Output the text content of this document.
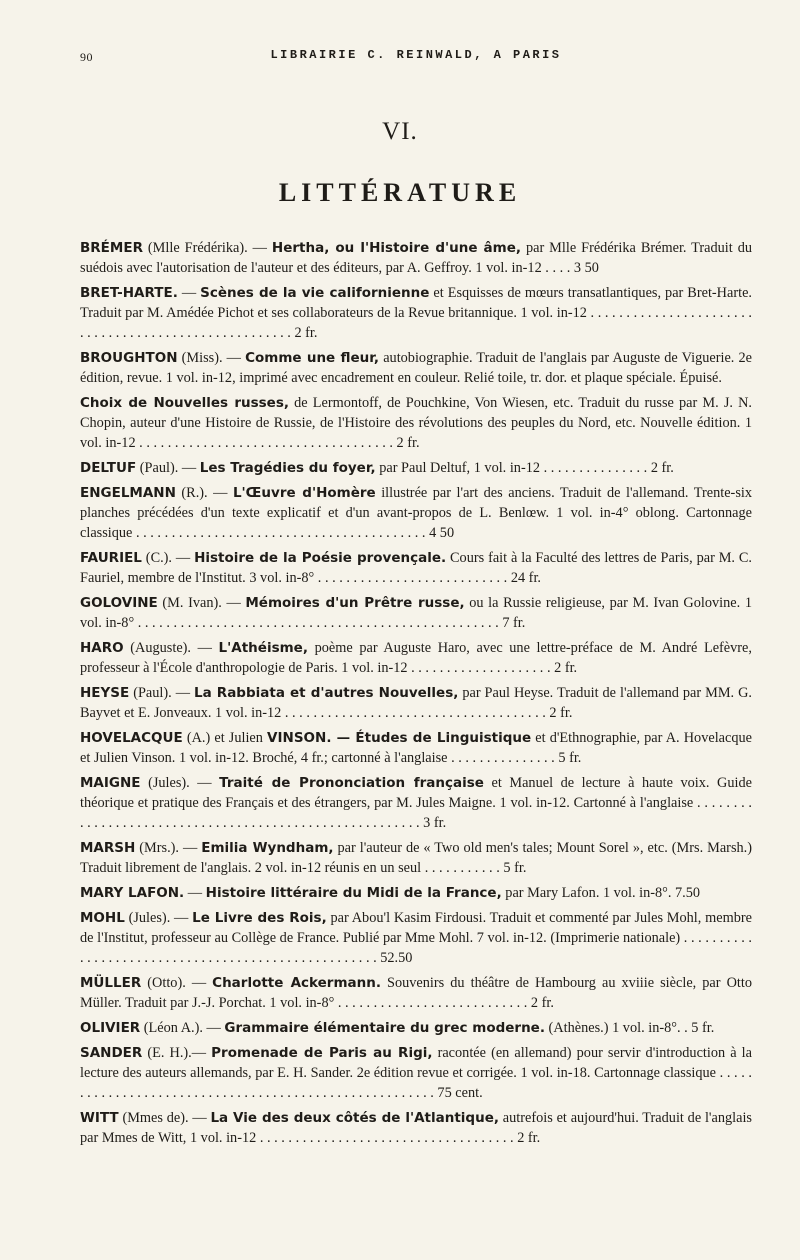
90	LIBRAIRIE C. REINWALD, A PARIS
VI.
LITTÉRATURE

BRÉMER (Mlle Frédérika). — Hertha, ou l'Histoire d'une âme, par Mlle Frédérika Brémer. Traduit du suédois avec l'autorisation de l'auteur et des éditeurs, par A. Geffroy. 1 vol. in-12 . . . . 3 50

BRET-HARTE. — Scènes de la vie californienne et Esquisses de mœurs transatlantiques, par Bret-Harte. Traduit par M. Amédée Pichot et ses collaborateurs de la Revue britannique. 1 vol. in-12 . . . . . . . . . . . . . . . . . . . . . . . . . . . . . . . . . . . . . . . . . . . . . . . . . . . . . 2 fr.

BROUGHTON (Miss). — Comme une fleur, autobiographie. Traduit de l'anglais par Auguste de Viguerie. 2e édition, revue. 1 vol. in-12, imprimé avec encadrement en couleur. Relié toile, tr. dor. et plaque spéciale. Épuisé.

Choix de Nouvelles russes, de Lermontoff, de Pouchkine, Von Wiesen, etc. Traduit du russe par M. J. N. Chopin, auteur d'une Histoire de Russie, de l'Histoire des révolutions des peuples du Nord, etc. Nouvelle édition. 1 vol. in-12 . . . . . . . . . . . . . . . . . . . . . . . . . . . . . . . . . . . . 2 fr.

DELTUF (Paul). — Les Tragédies du foyer, par Paul Deltuf, 1 vol. in-12 . . . . . . . . . . . . . . . 2 fr.

ENGELMANN (R.). — L'Œuvre d'Homère illustrée par l'art des anciens. Traduit de l'allemand. Trente-six planches précédées d'un texte explicatif et d'un avant-propos de L. Benlœw. 1 vol. in-4° oblong. Cartonnage classique . . . . . . . . . . . . . . . . . . . . . . . . . . . . . . . . . . . . . . . . . 4 50

FAURIEL (C.). — Histoire de la Poésie provençale. Cours fait à la Faculté des lettres de Paris, par M. C. Fauriel, membre de l'Institut. 3 vol. in-8° . . . . . . . . . . . . . . . . . . . . . . . . . . . 24 fr.

GOLOVINE (M. Ivan). — Mémoires d'un Prêtre russe, ou la Russie religieuse, par M. Ivan Golovine. 1 vol. in-8° . . . . . . . . . . . . . . . . . . . . . . . . . . . . . . . . . . . . . . . . . . . . . . . . . . . 7 fr.

HARO (Auguste). — L'Athéisme, poème par Auguste Haro, avec une lettre-préface de M. André Lefèvre, professeur à l'École d'anthropologie de Paris. 1 vol. in-12 . . . . . . . . . . . . . . . . . . . . 2 fr.

HEYSE (Paul). — La Rabbiata et d'autres Nouvelles, par Paul Heyse. Traduit de l'allemand par MM. G. Bayvet et E. Jonveaux. 1 vol. in-12 . . . . . . . . . . . . . . . . . . . . . . . . . . . . . . . . . . . . . 2 fr.

HOVELACQUE (A.) et Julien VINSON. — Études de Linguistique et d'Ethnographie, par A. Hovelacque et Julien Vinson. 1 vol. in-12. Broché, 4 fr.; cartonné à l'anglaise . . . . . . . . . . . . . . . 5 fr.

MAIGNE (Jules). — Traité de Prononciation française et Manuel de lecture à haute voix. Guide théorique et pratique des Français et des étrangers, par M. Jules Maigne. 1 vol. in-12. Cartonné à l'anglaise . . . . . . . . . . . . . . . . . . . . . . . . . . . . . . . . . . . . . . . . . . . . . . . . . . . . . . . . 3 fr.

MARSH (Mrs.). — Emilia Wyndham, par l'auteur de « Two old men's tales; Mount Sorel », etc. (Mrs. Marsh.) Traduit librement de l'anglais. 2 vol. in-12 réunis en un seul . . . . . . . . . . . 5 fr.

MARY LAFON. — Histoire littéraire du Midi de la France, par Mary Lafon. 1 vol. in-8°. 7.50

MOHL (Jules). — Le Livre des Rois, par Abou'l Kasim Firdousi. Traduit et commenté par Jules Mohl, membre de l'Institut, professeur au Collège de France. Publié par Mme Mohl. 7 vol. in-12. (Imprimerie nationale) . . . . . . . . . . . . . . . . . . . . . . . . . . . . . . . . . . . . . . . . . . . . . . . . . . . . 52.50

MÜLLER (Otto). — Charlotte Ackermann. Souvenirs du théâtre de Hambourg au xviiie siècle, par Otto Müller. Traduit par J.-J. Porchat. 1 vol. in-8° . . . . . . . . . . . . . . . . . . . . . . . . . . . 2 fr.

OLIVIER (Léon A.). — Grammaire élémentaire du grec moderne. (Athènes.) 1 vol. in-8°. . 5 fr.

SANDER (E. H.).— Promenade de Paris au Rigi, racontée (en allemand) pour servir d'introduction à la lecture des auteurs allemands, par E. H. Sander. 2e édition revue et corrigée. 1 vol. in-18. Cartonnage classique . . . . . . . . . . . . . . . . . . . . . . . . . . . . . . . . . . . . . . . . . . . . . . . . . . . . . . . 75 cent.

WITT (Mmes de). — La Vie des deux côtés de l'Atlantique, autrefois et aujourd'hui. Traduit de l'anglais par Mmes de Witt, 1 vol. in-12 . . . . . . . . . . . . . . . . . . . . . . . . . . . . . . . . . . . . 2 fr.
